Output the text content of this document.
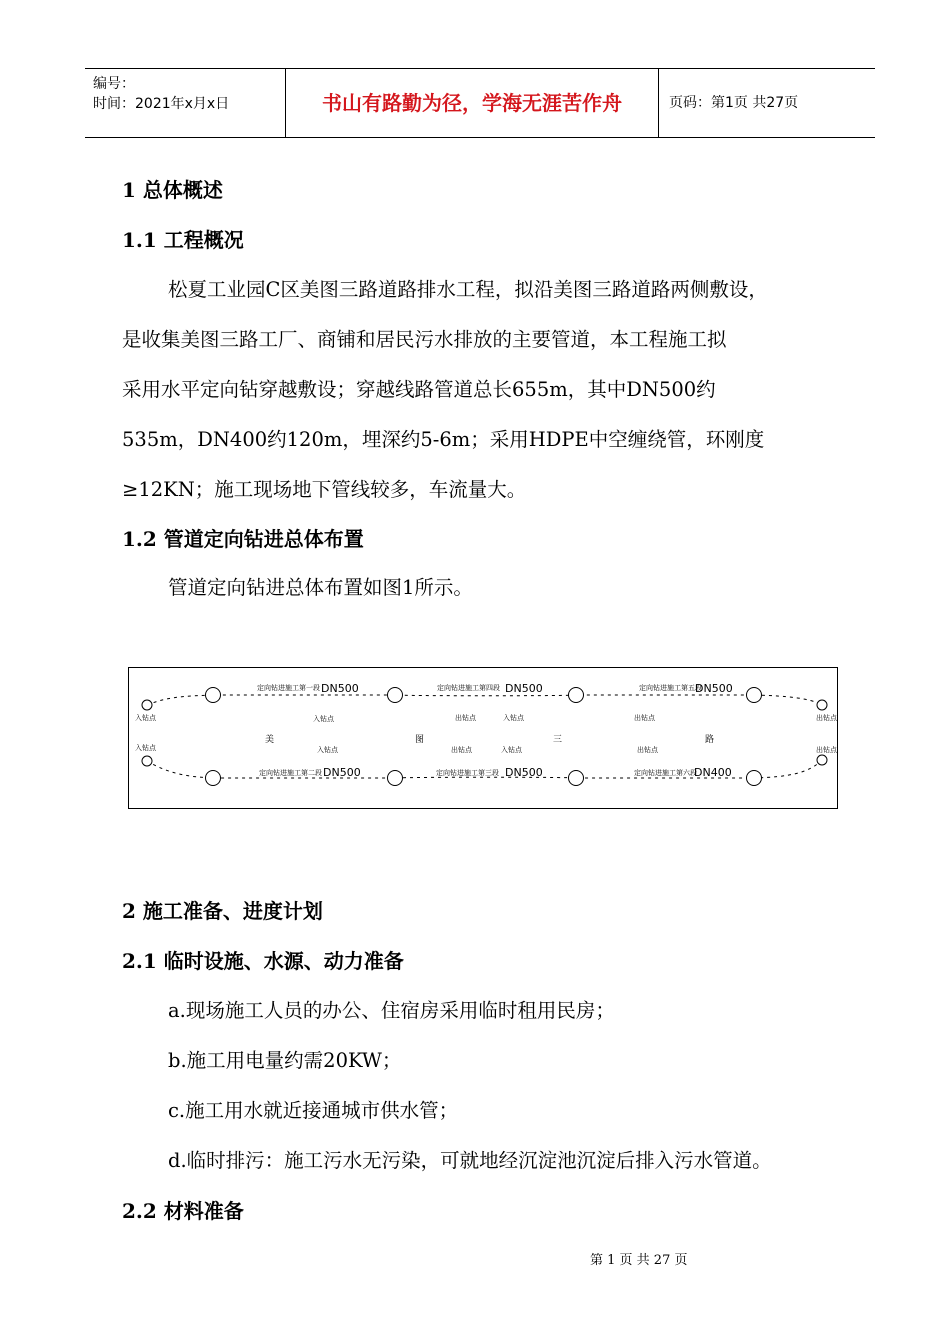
编号：
时间：2021年x月x日	书山有路勤为径，学海无涯苦作舟	页码：第1页 共27页
1 总体概述
1.1 工程概况
松夏工业园C区美图三路道路排水工程，拟沿美图三路道路两侧敷设，
是收集美图三路工厂、商铺和居民污水排放的主要管道，本工程施工拟
采用水平定向钻穿越敷设；穿越线路管道总长655m，其中DN500约
535m，DN400约120m，埋深约5-6m；采用HDPE中空缠绕管，环刚度
≥12KN；施工现场地下管线较多，车流量大。
1.2 管道定向钻进总体布置
管道定向钻进总体布置如图1所示。
定向钻进施工第一段 DN500	定向钻进施工第四段 DN500	定向钻进施工第五段
DN500
定向钻进施工第二段 DN500	定向钻进施工第三段 DN500	定向钻进施工第六段
DN400
入钻点	入钻点	出钻点	入钻点	出钻点	出钻点
入钻点	入钻点	出钻点	入钻点	出钻点	出钻点
美	图	三	路
2 施工准备、进度计划
2.1 临时设施、水源、动力准备
a.现场施工人员的办公、住宿房采用临时租用民房；
b.施工用电量约需20KW；
c.施工用水就近接通城市供水管；
d.临时排污：施工污水无污染，可就地经沉淀池沉淀后排入污水管道。
2.2 材料准备
第 1 页 共 27 页
